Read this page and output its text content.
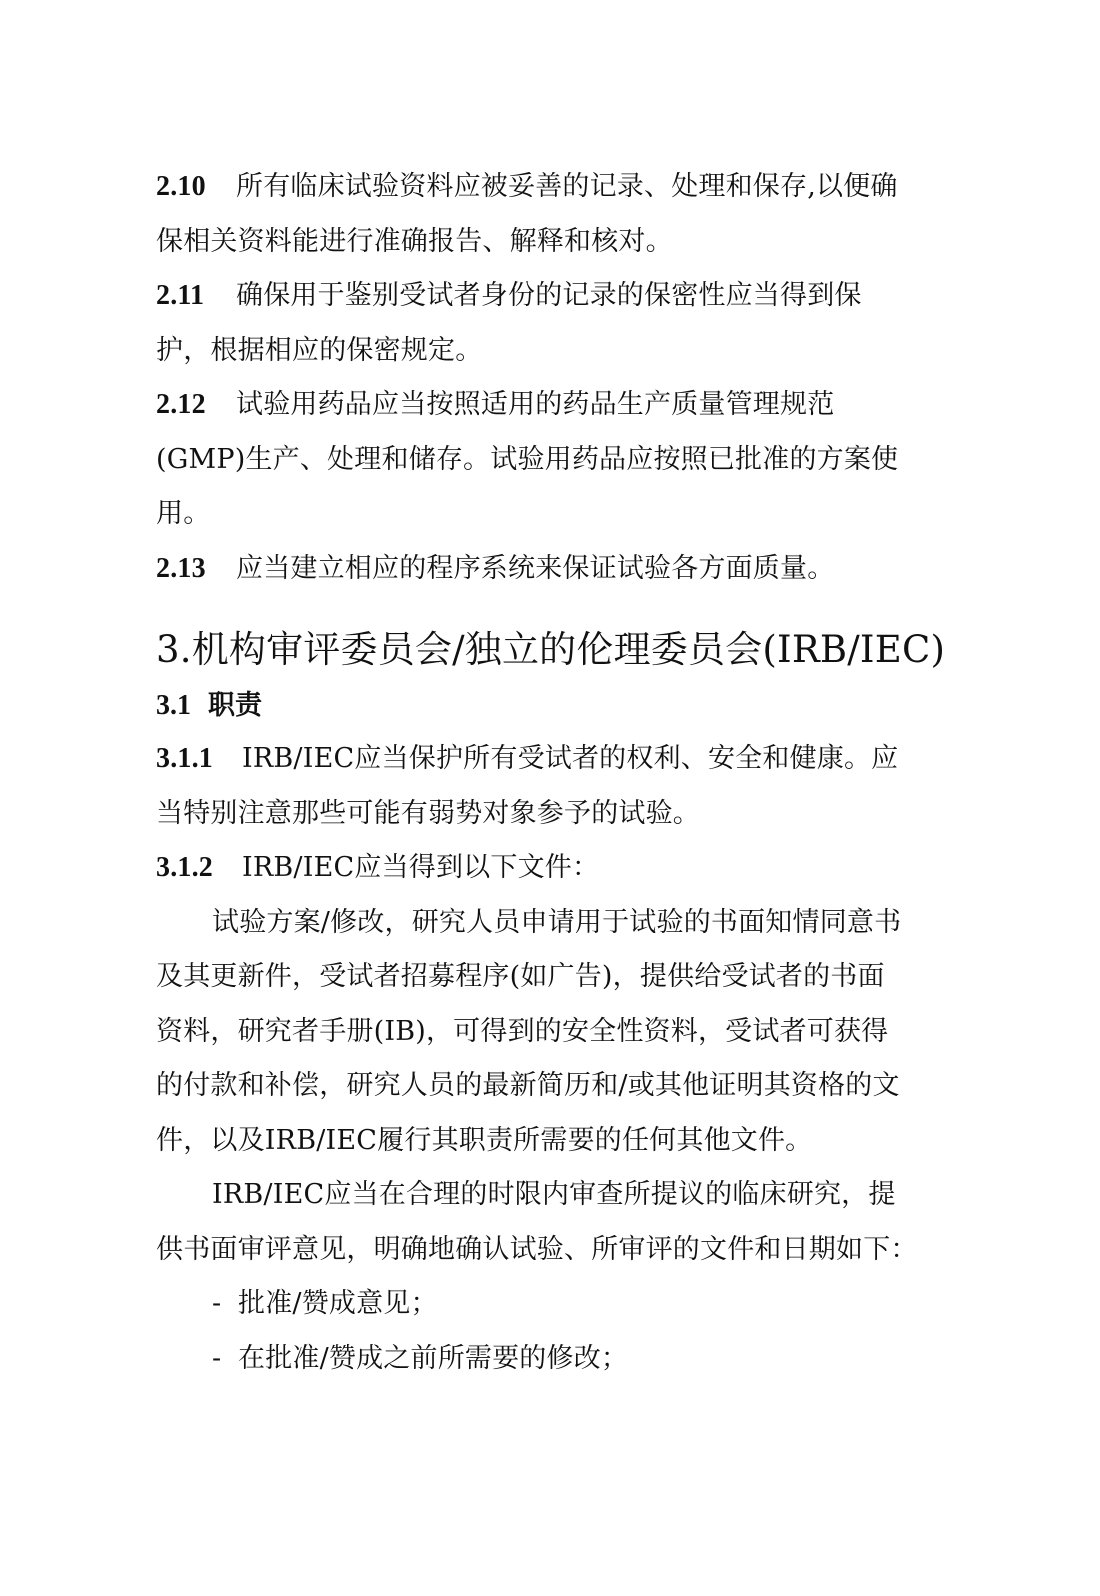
2.10 所有临床试验资料应被妥善的记录、处理和保存,以便确
保相关资料能进行准确报告、解释和核对。
2.11 确保用于鉴别受试者身份的记录的保密性应当得到保
护，根据相应的保密规定。
2.12 试验用药品应当按照适用的药品生产质量管理规范
(GMP)生产、处理和储存。试验用药品应按照已批准的方案使
用。
2.13 应当建立相应的程序系统来保证试验各方面质量。
3.机构审评委员会/独立的伦理委员会(IRB/IEC)
3.1 职责
3.1.1 IRB/IEC应当保护所有受试者的权利、安全和健康。应
当特别注意那些可能有弱势对象参予的试验。
3.1.2 IRB/IEC应当得到以下文件：
试验方案/修改，研究人员申请用于试验的书面知情同意书
及其更新件，受试者招募程序(如广告)，提供给受试者的书面
资料，研究者手册(IB)，可得到的安全性资料，受试者可获得
的付款和补偿，研究人员的最新简历和/或其他证明其资格的文
件，以及IRB/IEC履行其职责所需要的任何其他文件。
IRB/IEC应当在合理的时限内审查所提议的临床研究，提
供书面审评意见，明确地确认试验、所审评的文件和日期如下：
- 批准/赞成意见；
- 在批准/赞成之前所需要的修改；
